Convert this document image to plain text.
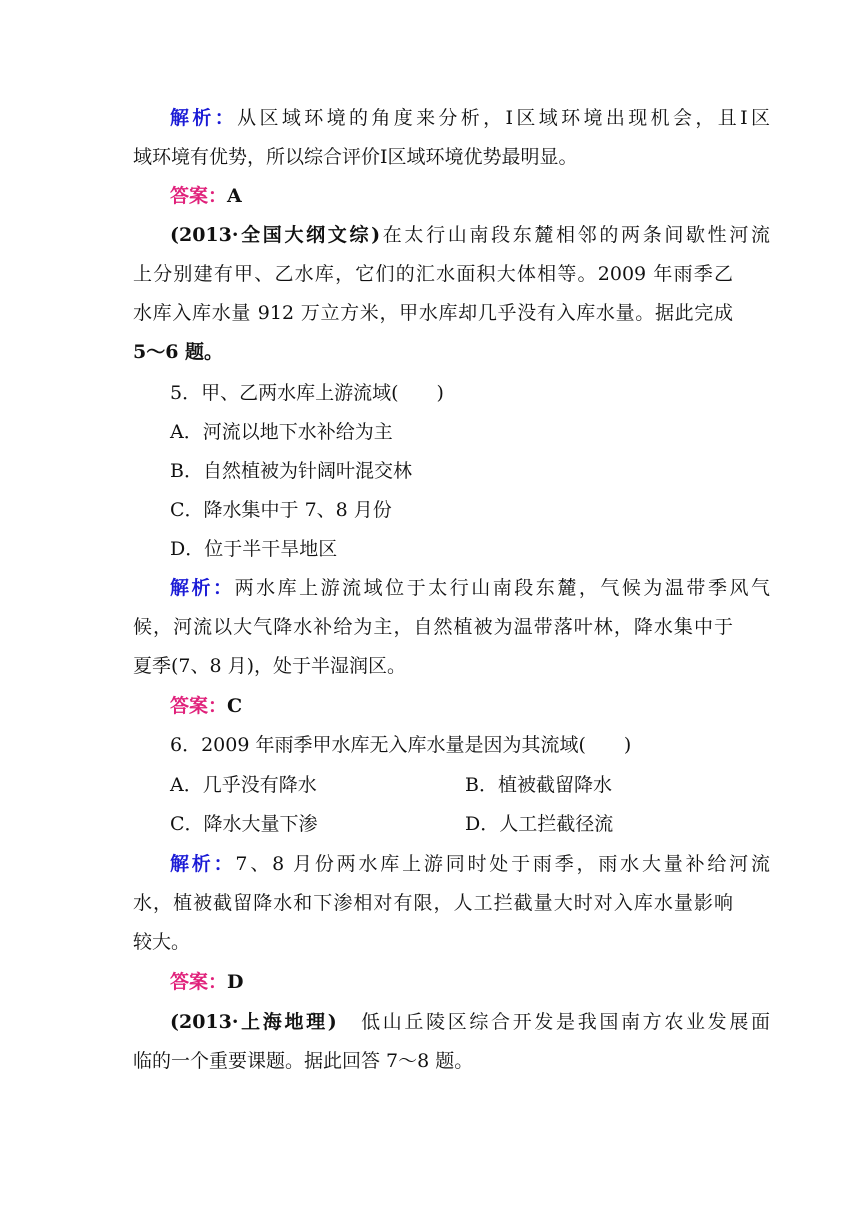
解析：从区域环境的角度来分析，Ⅰ区域环境出现机会，且Ⅰ区
域环境有优势，所以综合评价Ⅰ区域环境优势最明显。
答案：A
(2013·全国大纲文综)在太行山南段东麓相邻的两条间歇性河流
上分别建有甲、乙水库，它们的汇水面积大体相等。2009 年雨季乙
水库入库水量 912 万立方米，甲水库却几乎没有入库水量。据此完成
5～6 题。
5．甲、乙两水库上游流域(　　)
A．河流以地下水补给为主
B．自然植被为针阔叶混交林
C．降水集中于 7、8 月份
D．位于半干旱地区
解析：两水库上游流域位于太行山南段东麓，气候为温带季风气
候，河流以大气降水补给为主，自然植被为温带落叶林，降水集中于
夏季(7、8 月)，处于半湿润区。
答案：C
6．2009 年雨季甲水库无入库水量是因为其流域(　　)
A．几乎没有降水	B．植被截留降水
C．降水大量下渗	D．人工拦截径流
解析：7、8 月份两水库上游同时处于雨季，雨水大量补给河流
水，植被截留降水和下渗相对有限，人工拦截量大时对入库水量影响
较大。
答案：D
(2013·上海地理)　低山丘陵区综合开发是我国南方农业发展面
临的一个重要课题。据此回答 7～8 题。
